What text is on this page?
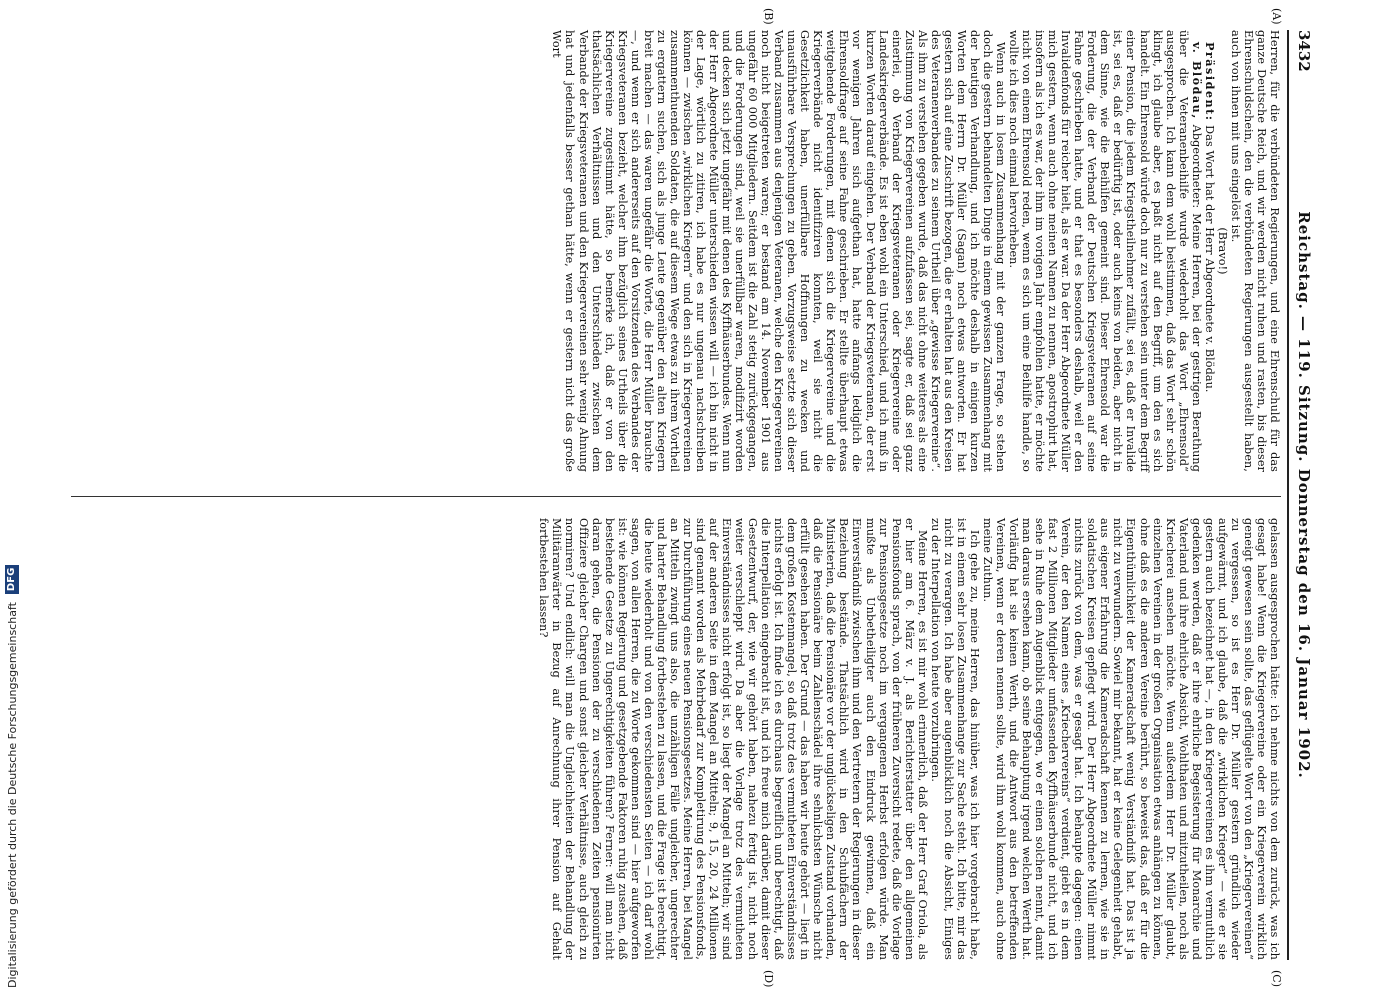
3432
Reichstag. — 119. Sitzung. Donnerstag den 16. Januar 1902.
(A)
(B)
(C)
(D)

Herren, für die verbündeten Regierungen, und eine Ehrenschuld für das ganze Deutsche Reich, und wir werden nicht ruhen und rasten, bis dieser Ehrenschuldschein, den die verbündeten Regierungen ausgestellt haben, auch von ihnen mit uns eingelöst ist.

(Bravo!)

Präsident: Das Wort hat der Herr Abgeordnete v. Blödau.

v. Blödau, Abgeordneter: Meine Herren, bei der gestrigen Berathung über die Veteranenbeihilfe wurde wiederholt das Wort „Ehrensold“ ausgesprochen. Ich kann dem wohl beistimmen, daß das Wort sehr schön klingt, ich glaube aber, es paßt nicht auf den Begriff, um den es sich handelt. Ein Ehrensold würde doch nur zu verstehen sein unter dem Begriff einer Pension, die jedem Kriegstheilnehmer zufällt, sei es, daß er Invalide ist, sei es, daß er bedürftig ist, oder auch keins von beiden, aber nicht in dem Sinne, wie die Beihilfen gemeint sind. Dieser Ehrensold war die Forderung, die der Verband der Deutschen Kriegsveteranen auf seine Fahne geschrieben hatte, und er that es besonders deshalb, weil er den Invalidenfonds für reicher hielt, als er war. Da der Herr Abgeordnete Müller mich gestern, wenn auch ohne meinen Namen zu nennen, apostrophirt hat, insofern als ich es war, der ihm im vorigen Jahr empfohlen hatte, er möchte nicht von einem Ehrensold reden, wenn es sich um eine Beihilfe handle, so wollte ich dies noch einmal hervorheben.

Wenn auch in losem Zusammenhang mit der ganzen Frage, so stehen doch die gestern behandelten Dinge in einem gewissen Zusammenhang mit der heutigen Verhandlung, und ich möchte deshalb in einigen kurzen Worten dem Herrn Dr. Müller (Sagan) noch etwas antworten. Er hat gestern sich auf eine Zuschrift bezogen, die er erhalten hat aus den Kreisen des Veteranenverbandes zu seinem Urtheil über „gewisse Kriegervereine“. Als ihm zu verstehen gegeben wurde, daß das nicht ohne weiteres als eine Zustimmung von Kriegervereinen aufzufassen sei, sagte er, daß sei ganz einerlei, ob Verband der Kriegsveteranen oder Kriegervereine oder Landeskriegerverbände. Es ist eben wohl ein Unterschied, und ich muß in kurzen Worten darauf eingehen. Der Verband der Kriegsveteranen, der erst vor wenigen Jahren sich aufgethan hat, hatte anfangs lediglich die Ehrensoldfrage auf seine Fahne geschrieben. Er stellte überhaupt etwas weitgehende Forderungen, mit denen sich die Kriegervereine und die Kriegerverbände nicht identifiziren konnten, weil sie nicht die Gesetzlichkeit haben, unerfüllbare Hoffnungen zu wecken und unausführbare Versprechungen zu geben. Vorzugsweise setzte sich dieser Verband zusammen aus denjenigen Veteranen, welche den Kriegervereinen noch nicht beigetreten waren; er bestand am 14. November 1901 aus ungefähr 60 000 Mitgliedern. Seitdem ist die Zahl stetig zurückgegangen, und die Forderungen sind, weil sie unerfüllbar waren, modifizirt worden und decken sich jetzt ungefähr mit denen des Kyffhäuserbundes. Wenn nun der Herr Abgeordnete Müller unterschieden wissen will — ich bin nicht in der Lage, wörtlich zu zitiren, ich habe es nur ungenau nachschreiben können — zwischen „wirklichen Kriegern“ und den sich in Kriegervereinen zusammenthuenden Soldaten, die auf diesem Wege etwas zu ihrem Vortheil zu ergattern suchen, sich als junge Leute gegenüber den alten Kriegern breit machen — das waren ungefähr die Worte, die Herr Müller brauchte —, und wenn er sich andererseits auf den Vorsitzenden des Verbandes der Kriegsveteranen bezieht, welcher ihm bezüglich seines Urtheils über die Kriegervereine zugestimmt hätte, so bemerke ich, daß er von den thatsächlichen Verhältnissen und den Unterschieden zwischen dem Verbande der Kriegsveteranen und den Kriegervereinen sehr wenig Ahnung hat und jedenfalls besser gethan hätte, wenn er gestern nicht das große Wort

gelassen ausgesprochen hätte: ich nehme nichts von dem zurück, was ich gesagt habe! Wenn die Kriegervereine oder ein Kriegerverein wirklich geneigt gewesen sein sollte, das geflügelte Wort von den „Kriegervereinen“ zu vergessen, so ist es Herr Dr. Müller gestern gründlich wieder aufgewärmt, und ich glaube, daß die „wirklichen Krieger“ — wie er sie gestern auch bezeichnet hat —, in den Kriegervereinen es ihm vermuthlich gedenken werden, daß er ihre ehrliche Begeisterung für Monarchie und Vaterland und ihre ehrliche Absicht, Wohlthaten und mitzutheilen, noch als Kriecherei ansehen möchte. Wenn außerdem Herr Dr. Müller glaubt, einzelnen Vereinen in der großen Organisation etwas anhängen zu können, ohne daß es die anderen Vereine berührt, so beweist das, daß er für die Eigenthümlichkeit der Kameradschaft wenig Verständniß hat. Das ist ja nicht zu verwundern. Sowiel mir bekannt, hat er keine Gelegenheit gehabt, aus eigener Erfahrung die Kameradschaft kennen zu lernen, wie sie in soldatischen Kreisen gepflegt wird. Der Herr Abgeordnete Müller nimmt nichts zurück von dem, was er gesagt hat. Ich behaupte dagegen: einen Verein, der den Namen eines „Kriechervereins“ verdient, giebt es in dem fast 2 Millionen Mitglieder umfassenden Kyffhäuserbunde nicht, und ich sehe in Ruhe dem Augenblick entgegen, wo er einen solchen nennt, damit man daraus ersehen kann, ob seine Behauptung irgend welchen Werth hat. Vorläufig hat sie keinen Werth, und die Antwort aus den betreffenden Vereinen, wenn er deren nennen sollte, wird ihm wohl kommen, auch ohne meine Zuthun.

Ich gehe zu, meine Herren, das hinüber, was ich hier vorgebracht habe, ist in einem sehr losen Zusammenhange zur Sache steht. Ich bitte, mir das nicht zu verargen. Ich habe aber augenblicklich noch die Absicht, Einiges zu der Interpellation von heute vorzubringen.

Meine Herren, es ist mir wohl erinnerlich, daß der Herr Graf Oriola, als er hier am 6. März v. J. als Berichterstatter über den allgemeinen Pensionsfonds sprach, von der früheren Zuversicht redete, daß die Vorlage zur Pensionsgesetze noch im vergangenen Herbst erfolgen würde. Man mußte als Unbetheiligter auch den Eindruck gewinnen, daß ein Einverständniß zwischen ihm und den Vertretern der Regierungen in dieser Beziehung bestände. Thatsächlich wird in den Schubfächern der Ministerien, daß die Pensionäre vor der unglückseligen Zustand vorhanden, daß die Pensionäre beim Zahlenschädel ihre sehnlichsten Wünsche nicht erfüllt gesehen haben. Der Grund — das haben wir heute gehört — liegt in dem großen Kostenmangel, so daß trotz des vermutheten Einverständnisses nichts erfolgt ist. Ich finde ich es durchaus begreiflich und berechtigt, daß die Interpellation eingebracht ist, und ich freue mich darüber, damit dieser Gesetzentwurf, der, wie wir gehört haben, nahezu fertig ist, nicht noch weiter verschleppt wird. Da aber die Vorlage trotz des vermutheten Einverständnisses nicht erfolgt ist, so liegt der Mangel an Mitteln; wir sind auf der anderen Seite in dem Mangel an Mitteln; 9, 15, 20, 24 Millionen sind genannt worden als Mehrbedarf zur Kompletirung des Pensionsfonds, zur Durchführung eines neuen Pensionsgesetzes. Meine Herren, bei Mangel an Mitteln zwingt uns also, die unzähligen Fälle ungleicher, ungerechter und harter Behandlung fortbestehen zu lassen, und die Frage ist berechtigt, die heute wiederholt und von den verschiedensten Seiten — ich darf wohl sagen, von allen Herren, die zu Worte gekommen sind — hier aufgeworfen ist: wie können Regierung und gesetzgebende Faktoren ruhig zusehen, daß bestehende Gesetze zu Ungerechtigkeiten führen? Ferner: will man nicht daran gehen, die Pensionen der zu verschiedenen Zeiten pensionirten Offiziere gleicher Chargen und sonst gleicher Verhältnisse, auch gleich zu normiren? Und endlich: will man die Ungleichheiten der Behandlung der Militäranwärter in Bezug auf Anrechnung ihrer Pension auf Gehalt fortbestehen lassen?

Digitalisierung gefördert durch die Deutsche Forschungsgemeinschaft
DFG
